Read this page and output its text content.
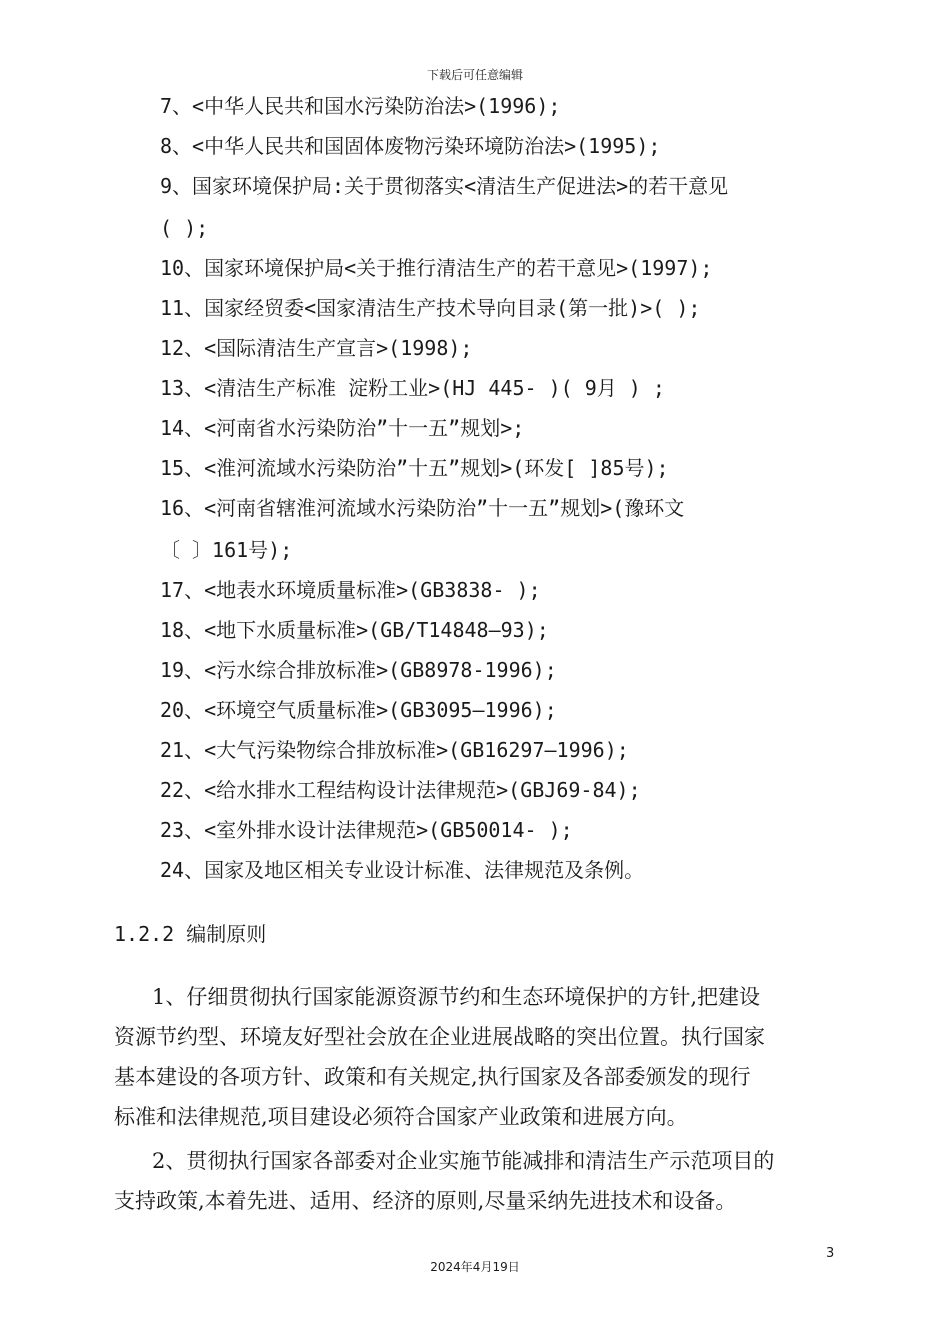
下载后可任意编辑
7、<中华人民共和国水污染防治法>(1996);
8、<中华人民共和国固体废物污染环境防治法>(1995);
9、国家环境保护局:关于贯彻落实<清洁生产促进法>的若干意见
( );
10、国家环境保护局<关于推行清洁生产的若干意见>(1997);
11、国家经贸委<国家清洁生产技术导向目录(第一批)>( );
12、<国际清洁生产宣言>(1998);
13、<清洁生产标准 淀粉工业>(HJ 445- )( 9月 ) ;
14、<河南省水污染防治”十一五”规划>;
15、<淮河流域水污染防治”十五”规划>(环发[ ]85号);
16、<河南省辖淮河流域水污染防治”十一五”规划>(豫环文
〔 〕161号);
17、<地表水环境质量标准>(GB3838- );
18、<地下水质量标准>(GB/T14848—93);
19、<污水综合排放标准>(GB8978-1996);
20、<环境空气质量标准>(GB3095—1996);
21、<大气污染物综合排放标准>(GB16297—1996);
22、<给水排水工程结构设计法律规范>(GBJ69-84);
23、<室外排水设计法律规范>(GB50014- );
24、国家及地区相关专业设计标准、法律规范及条例。
1.2.2 编制原则
1、仔细贯彻执行国家能源资源节约和生态环境保护的方针,把建设
资源节约型、环境友好型社会放在企业进展战略的突出位置。执行国家
基本建设的各项方针、政策和有关规定,执行国家及各部委颁发的现行
标准和法律规范,项目建设必须符合国家产业政策和进展方向。
2、贯彻执行国家各部委对企业实施节能减排和清洁生产示范项目的
支持政策,本着先进、适用、经济的原则,尽量采纳先进技术和设备。
3
2024年4月19日
